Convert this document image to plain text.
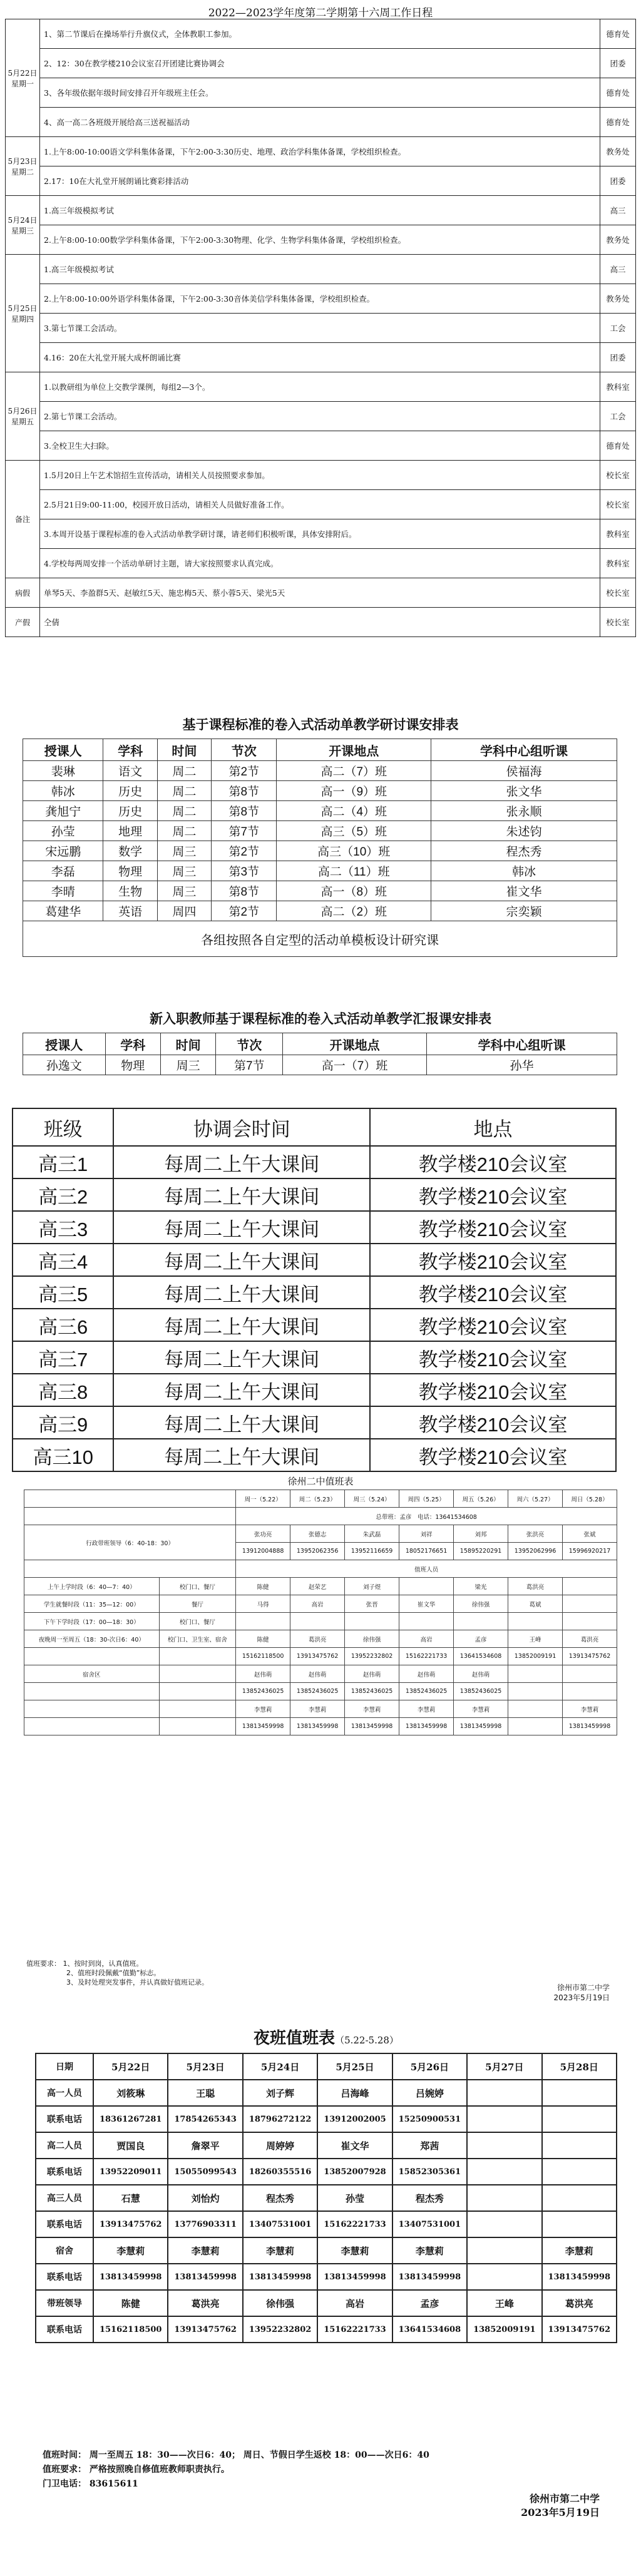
2022—2023学年度第二学期第十六周工作日程
5月22日
星期一	1、第二节课后在操场举行升旗仪式，全体教职工参加。	德育处
	2、12：30在教学楼210会议室召开团建比赛协调会	团委
	3、各年级依据年级时间安排召开年级班主任会。	德育处
	4、高一高二各班级开展给高三送祝福活动	德育处
5月23日
星期二	1.上午8:00-10:00语文学科集体备课，下午2:00-3:30历史、地理、政治学科集体备课，学校组织检查。	教务处
	2.17：10在大礼堂开展朗诵比赛彩排活动	团委
5月24日
星期三	1.高三年级模拟考试	高三
	2.上午8:00-10:00数学学科集体备课，下午2:00-3:30物理、化学、生物学科集体备课，学校组织检查。	教务处
5月25日
星期四	1.高三年级模拟考试	高三
	2.上午8:00-10:00外语学科集体备课，下午2:00-3:30音体美信学科集体备课，学校组织检查。	教务处
	3.第七节课工会活动。	工会
	4.16：20在大礼堂开展大成杯朗诵比赛	团委
5月26日
星期五	1.以教研组为单位上交教学课例，每组2—3个。	教科室
	2.第七节课工会活动。	工会
	3.全校卫生大扫除。	德育处
备注	1.5月20日上午艺术馆招生宣传活动，请相关人员按照要求参加。	校长室
	2.5月21日9:00-11:00，校园开放日活动，请相关人员做好准备工作。	校长室
	3.本周开设基于课程标准的卷入式活动单教学研讨课，请老师们积极听课，具体安排附后。	教科室
	4.学校每两周安排一个活动单研讨主题，请大家按照要求认真完成。	教科室
病假	单琴5天、李盈群5天、赵敏红5天、施忠梅5天、蔡小蓉5天、梁光5天	校长室
产假	仝倩	校长室
基于课程标准的卷入式活动单教学研讨课安排表
授课人	学科	时间	节次	开课地点	学科中心组听课
裴琳	语文	周二	第2节	高二（7）班	侯福海
韩冰	历史	周二	第8节	高一（9）班	张文华
龚旭宁	历史	周二	第8节	高二（4）班	张永顺
孙莹	地理	周二	第7节	高三（5）班	朱述钧
宋远鹏	数学	周三	第2节	高三（10）班	程杰秀
李磊	物理	周三	第3节	高二（11）班	韩冰
李晴	生物	周三	第8节	高一（8）班	崔文华
葛建华	英语	周四	第2节	高二（2）班	宗奕颖
各组按照各自定型的活动单模板设计研究课					
新入职教师基于课程标准的卷入式活动单教学汇报课安排表
授课人	学科	时间	节次	开课地点	学科中心组听课
孙逸文	物理	周三	第7节	高一（7）班	孙华
班级	协调会时间	地点
高三1	每周二上午大课间	教学楼210会议室
高三2	每周二上午大课间	教学楼210会议室
高三3	每周二上午大课间	教学楼210会议室
高三4	每周二上午大课间	教学楼210会议室
高三5	每周二上午大课间	教学楼210会议室
高三6	每周二上午大课间	教学楼210会议室
高三7	每周二上午大课间	教学楼210会议室
高三8	每周二上午大课间	教学楼210会议室
高三9	每周二上午大课间	教学楼210会议室
高三10	每周二上午大课间	教学楼210会议室
徐州二中值班表
		周一（5.22）	周二（5.23）	周三（5.24）	周四（5.25）	周五（5.26）	周六（5.27）	周日（5.28）
		总带班：孟彦　电话：13641534608						
行政带班领导（6：40-18：30）		张功亮	张德志	朱武磊	刘祥	刘邦	张洪亮	张斌
		13912004888	13952062356	13952116659	18052176651	15895220291	13952062996	15996920217
		值班人员						
上午上学时段（6：40—7：40）	校门口、餐厅	陈健	赵荣艺	刘子煜		梁光	葛洪亮	
学生就餐时段（11：35—12：00）	餐厅	马得	高岩	张晋	崔文华	徐伟强	葛斌	
下午下学时段（17：00—18：30）	校门口、餐厅							
夜晚周一至周五（18：30-次日6：40）	校门口、卫生室、宿舍	陈健	葛洪亮	徐伟强	高岩	孟彦	王峰	葛洪亮
		15162118500	13913475762	13952232802	15162221733	13641534608	13852009191	13913475762
宿舍区		赵伟萌	赵伟萌	赵伟萌	赵伟萌	赵伟萌		
		13852436025	13852436025	13852436025	13852436025	13852436025		
		李慧莉	李慧莉	李慧莉	李慧莉	李慧莉		李慧莉
		13813459998	13813459998	13813459998	13813459998	13813459998		13813459998
值班要求： 1、按时到岗，认真值班。
2、值班时段佩戴“值勤”标志。
3、及时处理突发事件，并认真做好值班记录。
徐州市第二中学
2023年5月19日
夜班值班表（5.22-5.28）
日期	5月22日	5月23日	5月24日	5月25日	5月26日	5月27日	5月28日
高一人员	刘筱琳	王聪	刘子辉	吕海峰	吕婉婷		
联系电话	18361267281	17854265343	18796272122	13912002005	15250900531		
高二人员	贾国良	詹翠平	周婷婷	崔文华	郑茜		
联系电话	13952209011	15055099543	18260355516	13852007928	15852305361		
高三人员	石慧	刘怡灼	程杰秀	孙莹	程杰秀		
联系电话	13913475762	13776903311	13407531001	15162221733	13407531001		
宿舍	李慧莉	李慧莉	李慧莉	李慧莉	李慧莉		李慧莉
联系电话	13813459998	13813459998	13813459998	13813459998	13813459998		13813459998
带班领导	陈健	葛洪亮	徐伟强	高岩	孟彦	王峰	葛洪亮
联系电话	15162118500	13913475762	13952232802	15162221733	13641534608	13852009191	13913475762
值班时间： 周一至周五 18：30——次日6：40； 周日、节假日学生返校 18：00——次日6：40
值班要求： 严格按照晚自修值班教师职责执行。
门卫电话： 83615611
徐州市第二中学
2023年5月19日
